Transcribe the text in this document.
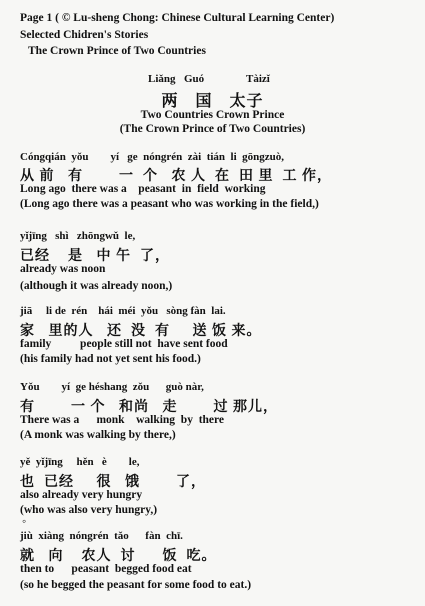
Page 1 ( © Lu-sheng Chong: Chinese Cultural Learning Center)
Selected Chidren's Stories
The Crown Prince of Two Countries
Liǎng Guó	Tàizǐ
两　国　太子
Two Countries Crown Prince
(The Crown Prince of Two Countries)
Cóngqián  yǒu        yí   ge  nóngrén  zài  tián  li  gōngzuò,
从 前   有        一  个   农 人  在  田 里  工 作，
Long ago  there was a    peasant  in  field  working
(Long ago there was a peasant who was working in the field,)
yǐjīng   shì   zhōngwǔ  le,
已经    是   中 午  了，
already was noon
(although it was already noon,)
jiā     li de  rén    hái  méi  yǒu   sòng fàn  lai.
家   里的人   还  没  有     送 饭 来。
family          people still not  have sent food
(his family had not yet sent his food.)
Yǒu        yí  ge héshang  zǒu      guò nàr,
有        一 个   和尚   走        过 那儿，
There was a      monk    walking  by  there
(A monk was walking by there,)
yě  yǐjīng     hěn   è        le,
也  已经     很   饿        了，
also already very hungry
(who was also very hungry,)
◦
jiù  xiàng  nóngrén  tǎo      fàn  chī.
就   向    农人  讨      饭  吃。
then to      peasant  begged food eat
(so he begged the peasant for some food to eat.)
